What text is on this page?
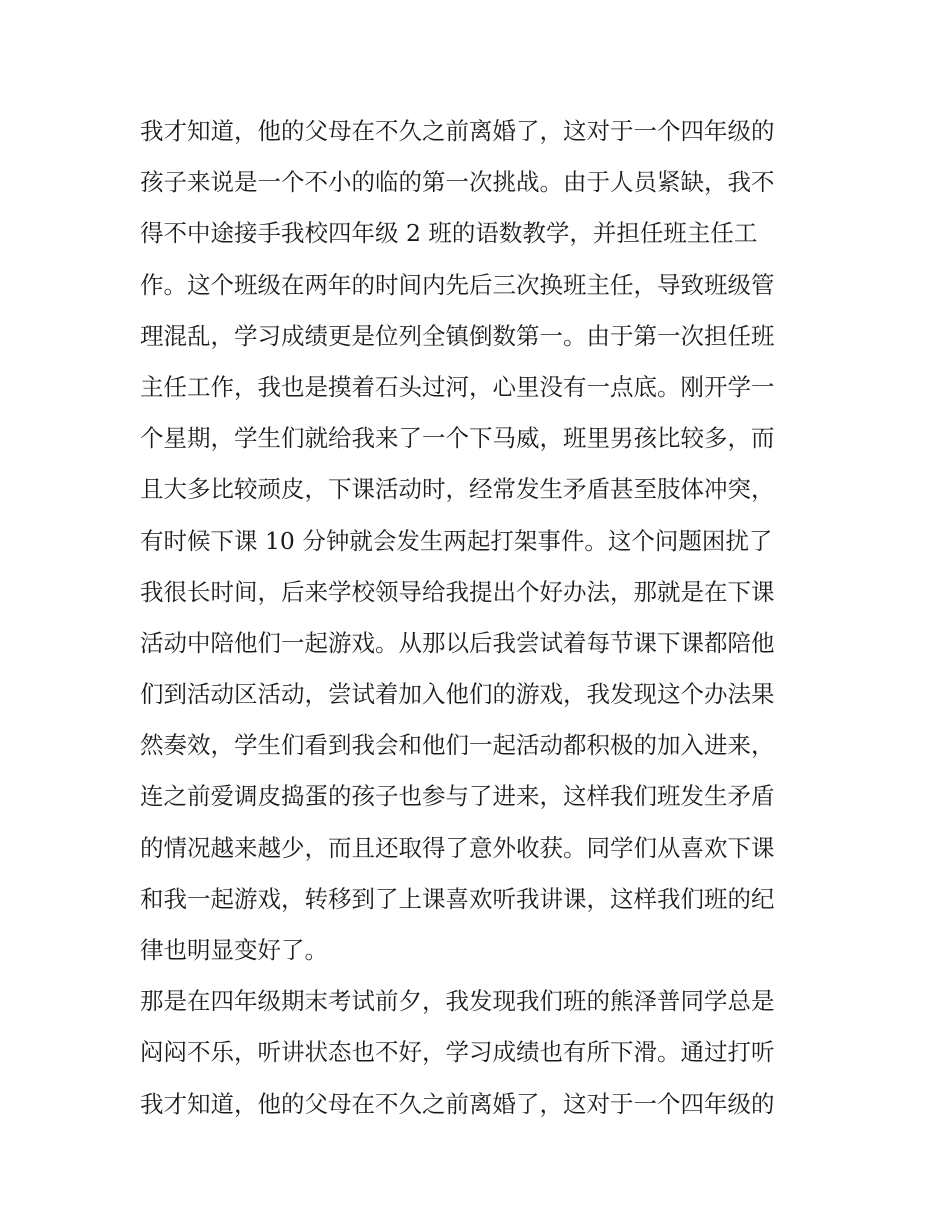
我才知道，他的父母在不久之前离婚了，这对于一个四年级的
孩子来说是一个不小的临的第一次挑战。由于人员紧缺，我不
得不中途接手我校四年级 2 班的语数教学，并担任班主任工
作。这个班级在两年的时间内先后三次换班主任，导致班级管
理混乱，学习成绩更是位列全镇倒数第一。由于第一次担任班
主任工作，我也是摸着石头过河，心里没有一点底。刚开学一
个星期，学生们就给我来了一个下马威，班里男孩比较多，而
且大多比较顽皮，下课活动时，经常发生矛盾甚至肢体冲突，
有时候下课 10 分钟就会发生两起打架事件。这个问题困扰了
我很长时间，后来学校领导给我提出个好办法，那就是在下课
活动中陪他们一起游戏。从那以后我尝试着每节课下课都陪他
们到活动区活动，尝试着加入他们的游戏，我发现这个办法果
然奏效，学生们看到我会和他们一起活动都积极的加入进来，
连之前爱调皮捣蛋的孩子也参与了进来，这样我们班发生矛盾
的情况越来越少，而且还取得了意外收获。同学们从喜欢下课
和我一起游戏，转移到了上课喜欢听我讲课，这样我们班的纪
律也明显变好了。
那是在四年级期末考试前夕，我发现我们班的熊泽普同学总是
闷闷不乐，听讲状态也不好，学习成绩也有所下滑。通过打听
我才知道，他的父母在不久之前离婚了，这对于一个四年级的
